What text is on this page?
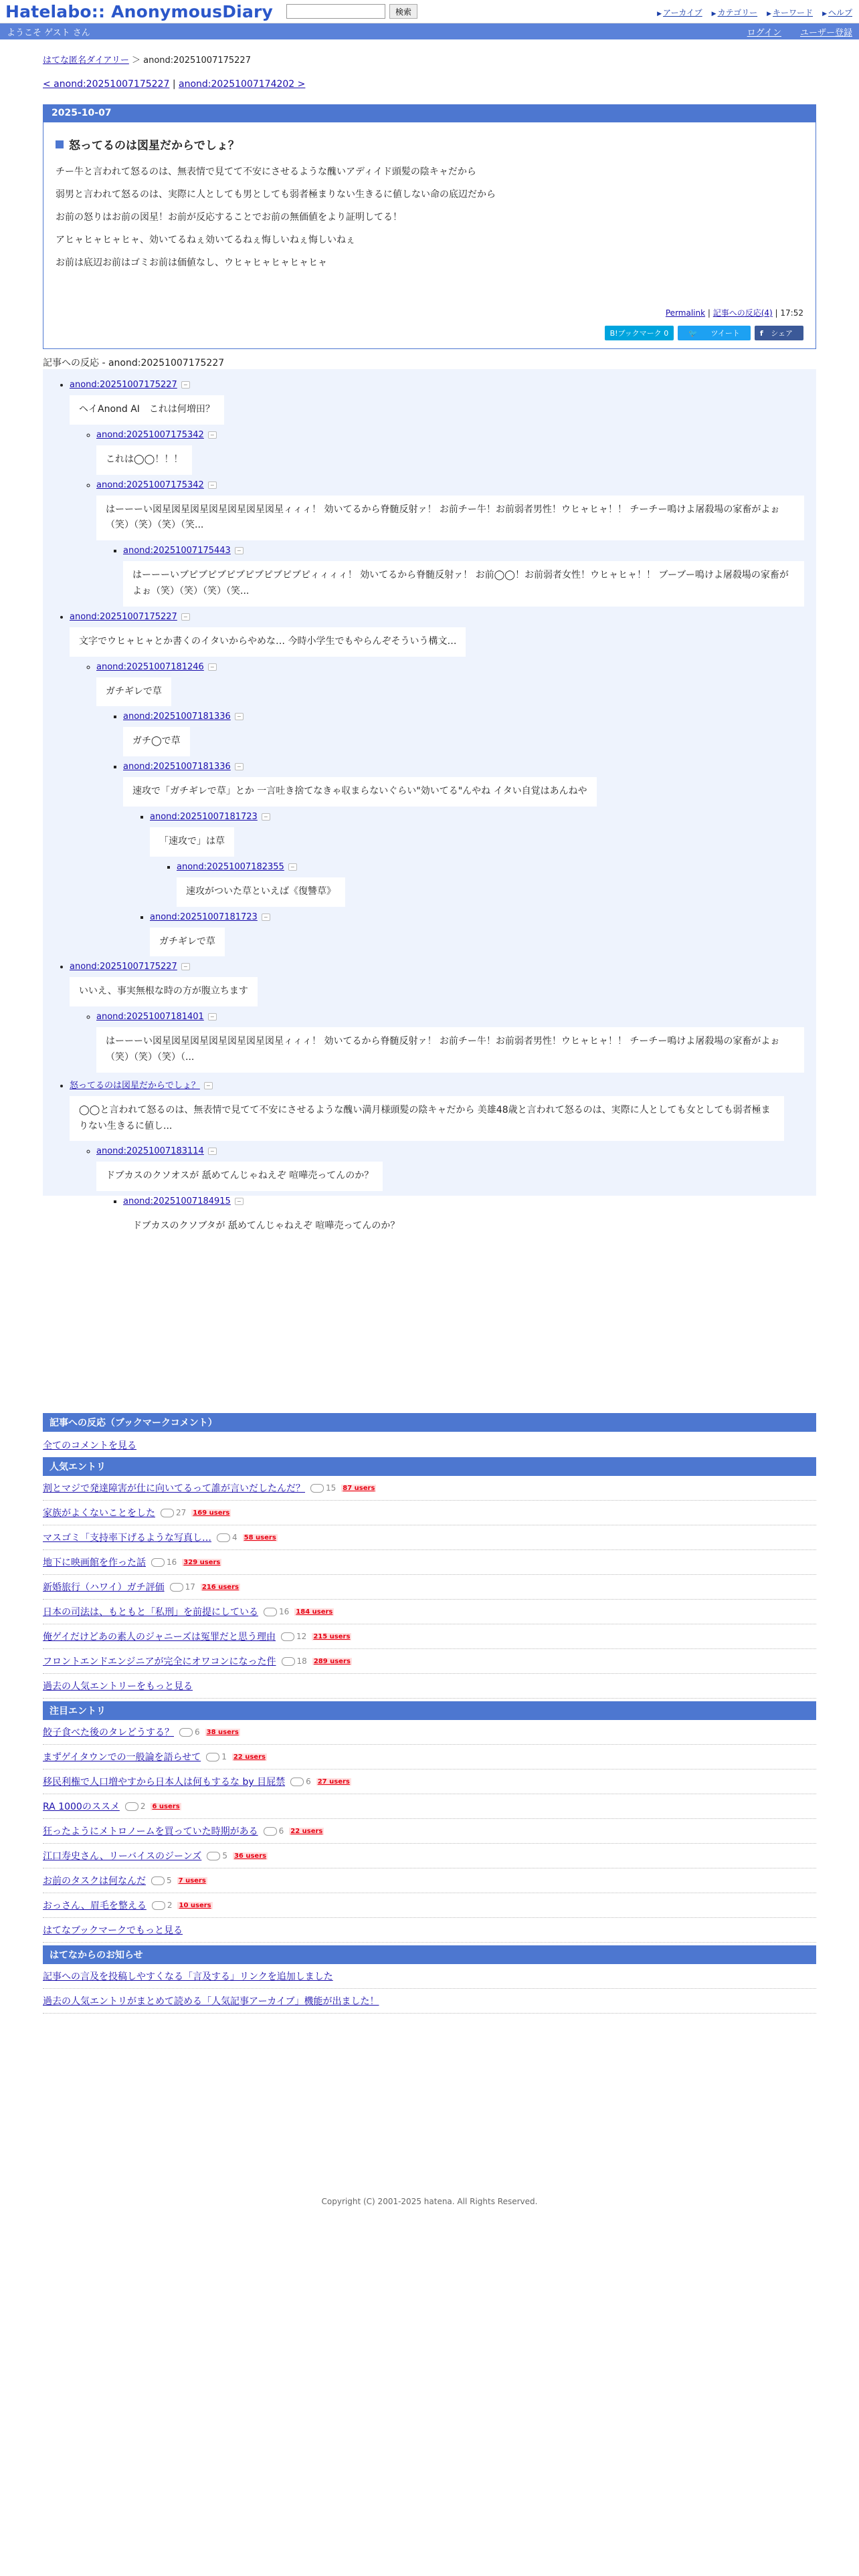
Hatelabo:: AnonymousDiary	検索	▶ アーカイブ ▶ カテゴリー ▶ キーワード ▶ ヘルプ
ようこそ ゲスト さん	ログイン ユーザー登録
はてな匿名ダイアリー ＞ anond:20251007175227
< anond:20251007175227 | anond:20251007174202 >
2025-10-07
怒ってるのは図星だからでしょ？

チー牛と言われて怒るのは、無表情で見てて不安にさせるような醜いアディイド頭髪の陰キャだから

弱男と言われて怒るのは、実際に人としても男としても弱者極まりない生きるに値しない命の底辺だから

お前の怒りはお前の図星！お前が反応することでお前の無価値をより証明してる！

アヒャヒャヒャヒャ、効いてるねぇ効いてるねぇ悔しいねぇ悔しいねぇ

お前は底辺お前はゴミお前は価値なし、ウヒャヒャヒャヒャヒャ

Permalink | 記事への反応(4) | 17:52
B!ブックマーク 0	🐦 ツイート	f シェア
記事への反応 - anond:20251007175227
• anond:20251007175227 −
ヘイAnond AI　これは何増田？
◦ anond:20251007175342 −
これは◯◯！！！
◦ anond:20251007175342 −
はーーーい図星図星図星図星図星図星図星ィィィ！ 効いてるから脊髄反射ァ！ お前チー牛！お前弱者男性！ウヒャヒャ！！ チーチー鳴けよ屠殺場の家畜がよぉ（笑）（笑）（笑）（笑...
▪ anond:20251007175443 −
はーーーいブピブピブピブピブピブピブピィィィィ！ 効いてるから脊髄反射ァ！ お前◯◯！お前弱者女性！ウヒャヒャ！！ ブーブー鳴けよ屠殺場の家畜がよぉ（笑）（笑）（笑）（笑...
• anond:20251007175227 −
文字でウヒャヒャとか書くのイタいからやめな… 今時小学生でもやらんぞそういう構文…
◦ anond:20251007181246 −
ガチギレで草
▪ anond:20251007181336 −
ガチ◯で草
▪ anond:20251007181336 −
速攻で「ガチギレで草」とか 一言吐き捨てなきゃ収まらないぐらい"効いてる"んやね イタい自覚はあんねや
▪ anond:20251007181723 −
「速攻で」は草
▪ anond:20251007182355 −
速攻がついた草といえば《復讐草》
▪ anond:20251007181723 −
ガチギレで草
• anond:20251007175227 −
いいえ、事実無根な時の方が腹立ちます
◦ anond:20251007181401 −
はーーーい図星図星図星図星図星図星図星ィィィ！ 効いてるから脊髄反射ァ！ お前チー牛！お前弱者男性！ウヒャヒャ！！ チーチー鳴けよ屠殺場の家畜がよぉ（笑）（笑）（笑）（...
• 怒ってるのは図星だからでしょ？ −
◯◯と言われて怒るのは、無表情で見てて不安にさせるような醜い満月様頭髪の陰キャだから 美雄48歳と言われて怒るのは、実際に人としても女としても弱者極まりない生きるに値し...
◦ anond:20251007183114 −
ドブカスのクソオスが 舐めてんじゃねえぞ 喧嘩売ってんのか？
▪ anond:20251007184915 −
ドブカスのクソブタが 舐めてんじゃねえぞ 喧嘩売ってんのか？
記事への反応（ブックマークコメント）
全てのコメントを見る
人気エントリ
割とマジで発達障害が仕に向いてるって誰が言いだしたんだ？	15 87 users
家族がよくないことをした	27 169 users
マスゴミ「支持率下げるような写真し…	4 58 users
地下に映画館を作った話	16 329 users
新婚旅行（ハワイ）ガチ評価	17 216 users
日本の司法は、もともと「私刑」を前提にしている	16 184 users
俺ゲイだけどあの素人のジャニーズは冤罪だと思う理由	12 215 users
フロントエンドエンジニアが完全にオワコンになった件	18 289 users
過去の人気エントリーをもっと見る
注目エントリ
餃子食べた後のタレどうする？	6 38 users
まずゲイタウンでの一般論を語らせて	1 22 users
移民利権で人口増やすから日本人は何もするな by 目屁禁	6 27 users
RA 1000のススメ	2 6 users
狂ったようにメトロノームを買っていた時期がある	6 22 users
江口寿史さん、リーバイスのジーンズ	5 36 users
お前のタスクは何なんだ	5 7 users
おっさん、眉毛を整える	2 10 users
はてなブックマークでもっと見る
はてなからのお知らせ
記事への言及を投稿しやすくなる「言及する」リンクを追加しました
過去の人気エントリがまとめて読める「人気記事アーカイブ」機能が出ました！
Copyright (C) 2001-2025 hatena. All Rights Reserved.
